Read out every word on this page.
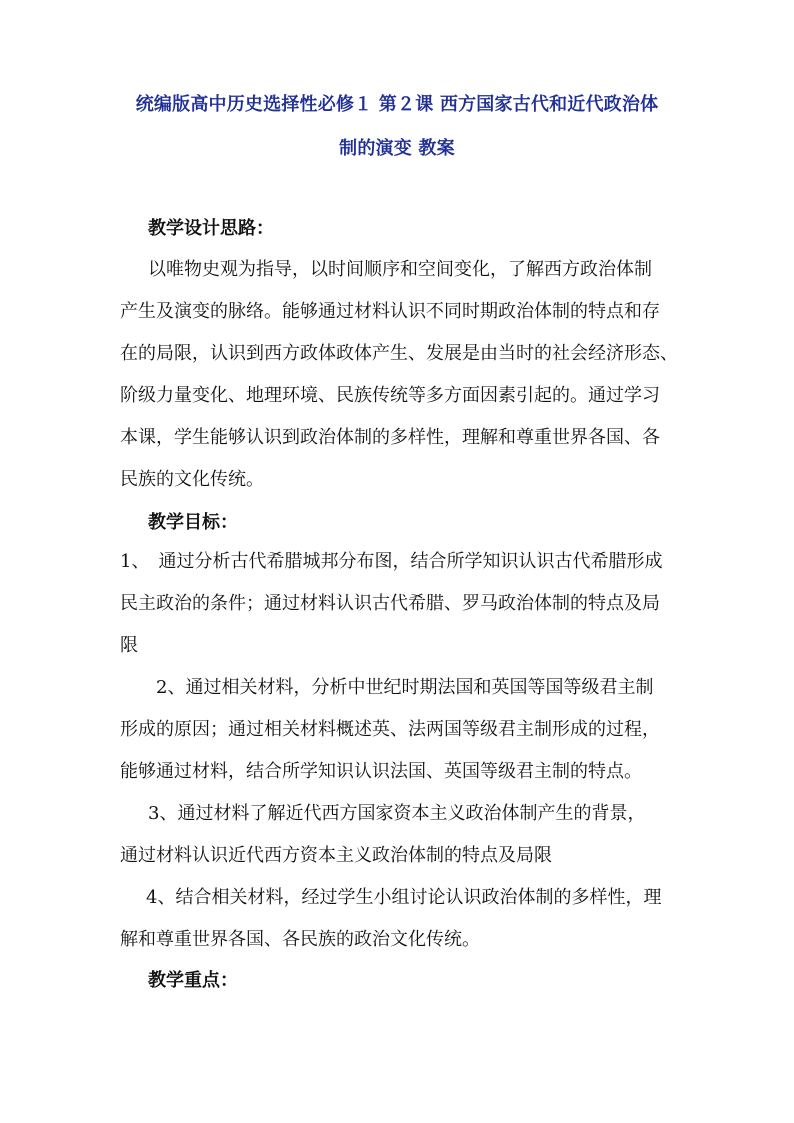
统编版高中历史选择性必修１ 第２课 西方国家古代和近代政治体
制的演变 教案
教学设计思路：
以唯物史观为指导，以时间顺序和空间变化，了解西方政治体制
产生及演变的脉络。能够通过材料认识不同时期政治体制的特点和存
在的局限，认识到西方政体政体产生、发展是由当时的社会经济形态、
阶级力量变化、地理环境、民族传统等多方面因素引起的。通过学习
本课，学生能够认识到政治体制的多样性，理解和尊重世界各国、各
民族的文化传统。
教学目标：
1、　通过分析古代希腊城邦分布图，结合所学知识认识古代希腊形成
民主政治的条件；通过材料认识古代希腊、罗马政治体制的特点及局
限
2、通过相关材料，分析中世纪时期法国和英国等国等级君主制
形成的原因；通过相关材料概述英、法两国等级君主制形成的过程，
能够通过材料，结合所学知识认识法国、英国等级君主制的特点。
3、通过材料了解近代西方国家资本主义政治体制产生的背景，
通过材料认识近代西方资本主义政治体制的特点及局限
4、结合相关材料，经过学生小组讨论认识政治体制的多样性，理
解和尊重世界各国、各民族的政治文化传统。
教学重点：
